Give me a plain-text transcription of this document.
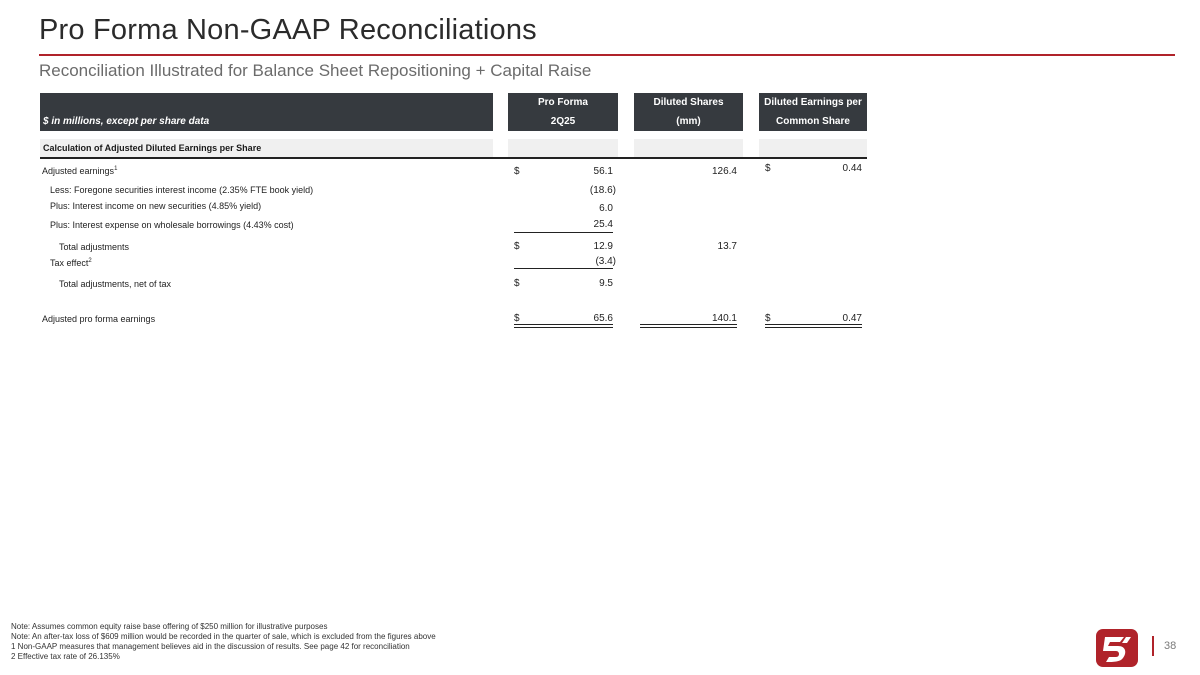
Pro Forma Non-GAAP Reconciliations
Reconciliation Illustrated for Balance Sheet Repositioning + Capital Raise
$ in millions, except per share data
Pro Forma
2Q25
Diluted Shares
(mm)
Diluted Earnings per
Common Share
Calculation of Adjusted Diluted Earnings per Share
Adjusted earnings$^1$	$	56.1	126.4	$	0.44
Less: Foregone securities interest income (2.35% FTE book yield)	(18.6)
Plus: Interest income on new securities (4.85% yield)	6.0
Plus: Interest expense on wholesale borrowings (4.43% cost)	25.4
Total adjustments	$	12.9	13.7
Tax effect$^2$	(3.4)
Total adjustments, net of tax	$	9.5
Adjusted pro forma earnings	$	65.6	140.1	$	0.47
Note: Assumes common equity raise base offering of $250 million for illustrative purposes
Note: An after-tax loss of $609 million would be recorded in the quarter of sale, which is excluded from the figures above
1 Non-GAAP measures that management believes aid in the discussion of results. See page 42 for reconciliation
2 Effective tax rate of 26.135%
38
